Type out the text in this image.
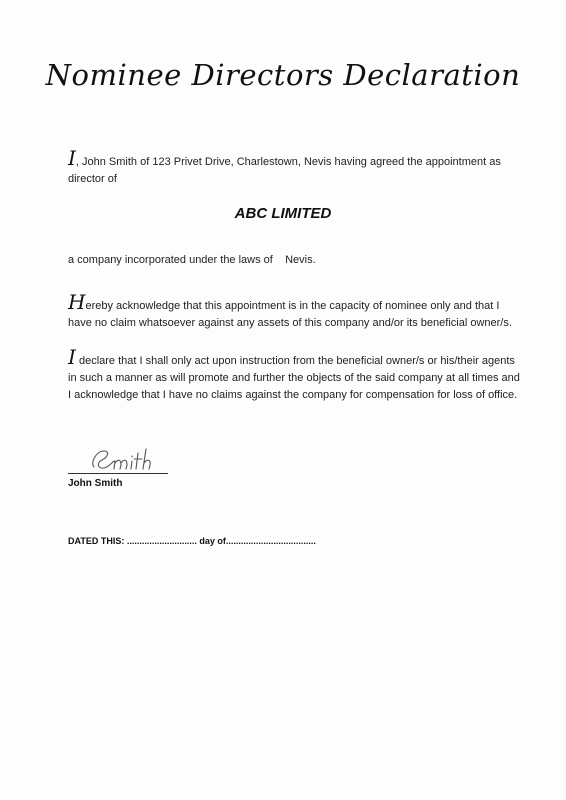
Nominee Directors Declaration
I, John Smith of 123 Privet Drive, Charlestown, Nevis having agreed the appointment as director of
ABC LIMITED
a company incorporated under the laws of Nevis.
Hereby acknowledge that this appointment is in the capacity of nominee only and that I have no claim whatsoever against any assets of this company and/or its beneficial owner/s.
I declare that I shall only act upon instruction from the beneficial owner/s or his/their agents in such a manner as will promote and further the objects of the said company at all times and I acknowledge that I have no claims against the company for compensation for loss of office.
John Smith
DATED THIS: ............................ day of....................................
